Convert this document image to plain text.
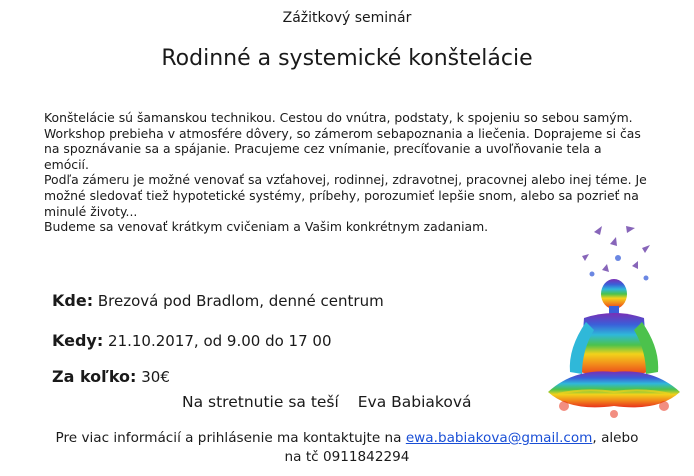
Zážitkový seminár
Rodinné a systemické konštelácie

Konštelácie sú šamanskou technikou. Cestou do vnútra, podstaty, k spojeniu so sebou samým.

Workshop prebieha v atmosfére dôvery, so zámerom sebapoznania a liečenia. Doprajeme si čas na spoznávanie sa a spájanie. Pracujeme cez vnímanie, precíťovanie a uvoľňovanie tela a emócií.

Podľa zámeru je možné venovať sa vzťahovej, rodinnej, zdravotnej, pracovnej alebo inej téme. Je možné sledovať tiež hypotetické systémy, príbehy, porozumieť lepšie snom, alebo sa pozrieť na minulé životy...

Budeme sa venovať krátkym cvičeniam a Vašim konkrétnym zadaniam.

Kde: Brezová pod Bradlom, denné centrum
Kedy: 21.10.2017, od 9.00 do 17 00
Za koľko: 30€
Na stretnutie sa teší Eva Babiaková
Pre viac informácií a prihlásenie ma kontaktujte na ewa.babiakova@gmail.com, alebo
na tč 0911842294
